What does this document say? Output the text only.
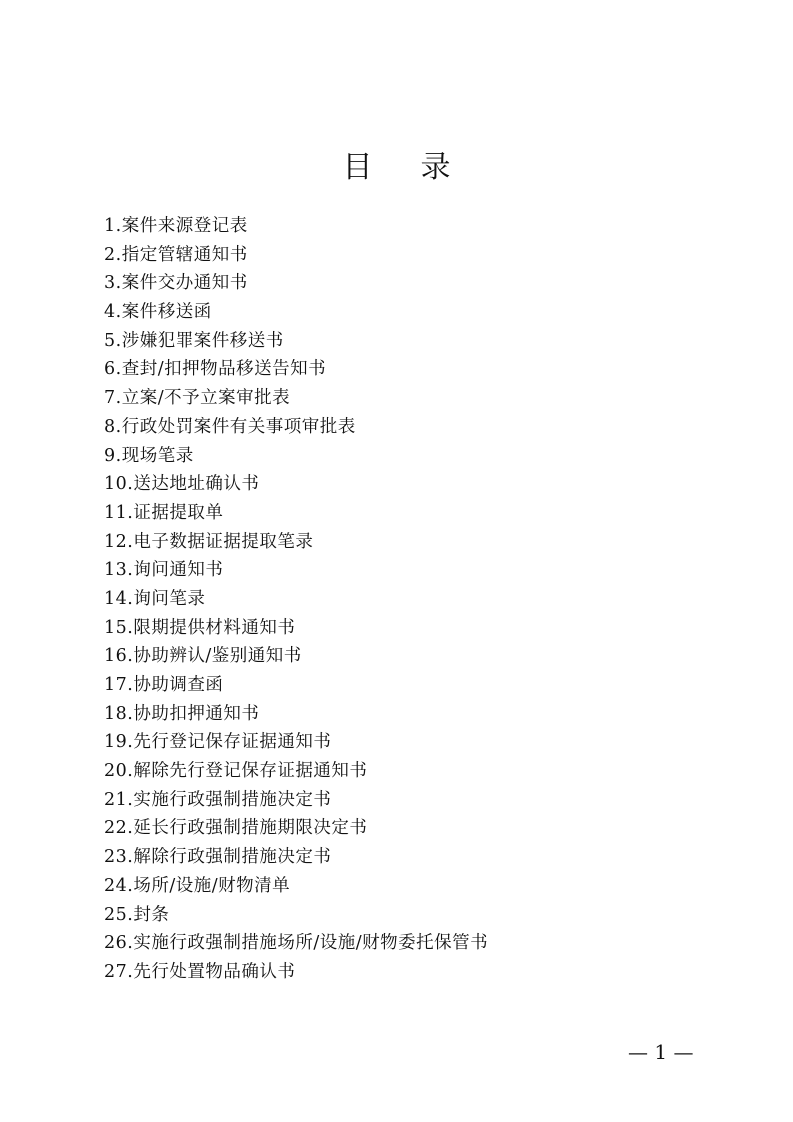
目录
1.案件来源登记表
2.指定管辖通知书
3.案件交办通知书
4.案件移送函
5.涉嫌犯罪案件移送书
6.查封/扣押物品移送告知书
7.立案/不予立案审批表
8.行政处罚案件有关事项审批表
9.现场笔录
10.送达地址确认书
11.证据提取单
12.电子数据证据提取笔录
13.询问通知书
14.询问笔录
15.限期提供材料通知书
16.协助辨认/鉴别通知书
17.协助调查函
18.协助扣押通知书
19.先行登记保存证据通知书
20.解除先行登记保存证据通知书
21.实施行政强制措施决定书
22.延长行政强制措施期限决定书
23.解除行政强制措施决定书
24.场所/设施/财物清单
25.封条
26.实施行政强制措施场所/设施/财物委托保管书
27.先行处置物品确认书
— 1 —
